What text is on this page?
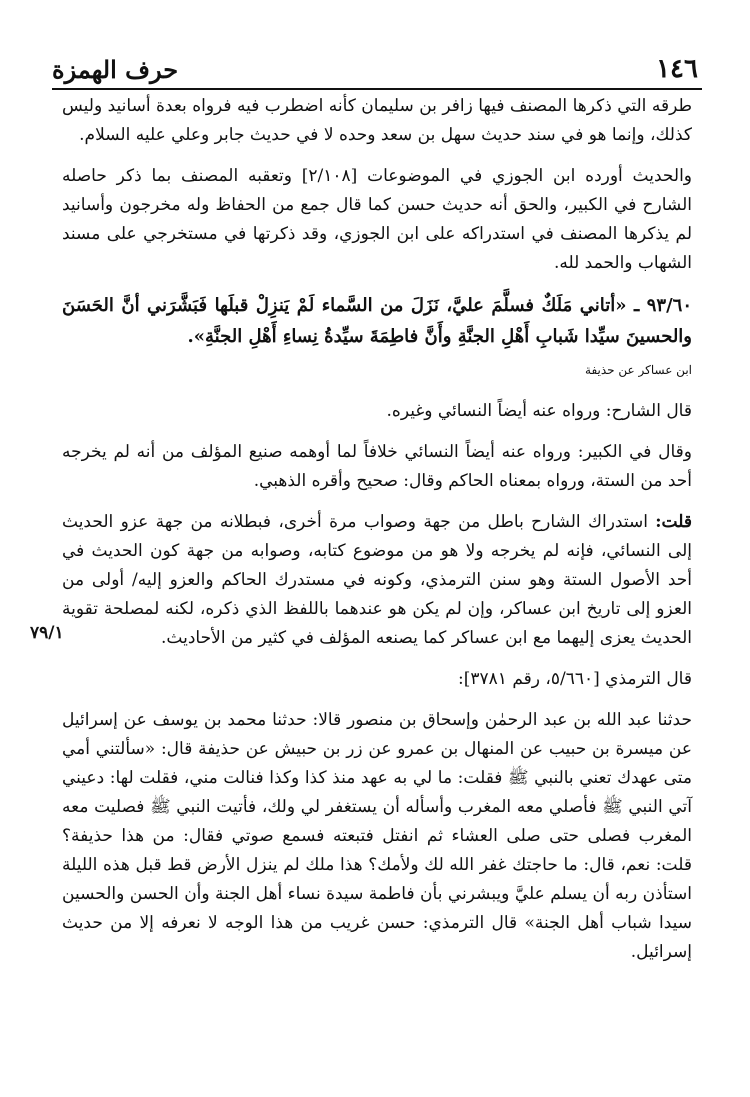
١٤٦
حرف الهمزة
٧٩/١

طرقه التي ذكرها المصنف فيها زافر بن سليمان كأنه اضطرب فيه فرواه بعدة أسانيد وليس كذلك، وإنما هو في سند حديث سهل بن سعد وحده لا في حديث جابر وعلي عليه السلام.

والحديث أورده ابن الجوزي في الموضوعات [٢/١٠٨] وتعقبه المصنف بما ذكر حاصله الشارح في الكبير، والحق أنه حديث حسن كما قال جمع من الحفاظ وله مخرجون وأسانيد لم يذكرها المصنف في استدراكه على ابن الجوزي، وقد ذكرتها في مستخرجي على مسند الشهاب والحمد لله.

٩٣/٦٠ ـ «أتاني مَلَكٌ فسلَّمَ عليَّ، نَزَلَ من السَّماء لَمْ يَنزِلْ قبلَها فَبَشَّرَني أنَّ الحَسَنَ والحسينَ سيِّدا شَبابِ أَهْلِ الجنَّةِ وأَنَّ فاطِمَةَ سيِّدةُ نِساءِ أَهْلِ الجنَّةِ».

ابن عساكر عن حذيفة

قال الشارح: ورواه عنه أيضاً النسائي وغيره.

وقال في الكبير: ورواه عنه أيضاً النسائي خلافاً لما أوهمه صنيع المؤلف من أنه لم يخرجه أحد من الستة، ورواه بمعناه الحاكم وقال: صحيح وأقره الذهبي.

قلت: استدراك الشارح باطل من جهة وصواب مرة أخرى، فبطلانه من جهة عزو الحديث إلى النسائي، فإنه لم يخرجه ولا هو من موضوع كتابه، وصوابه من جهة كون الحديث في أحد الأصول الستة وهو سنن الترمذي، وكونه في مستدرك الحاكم والعزو إليه/ أولى من العزو إلى تاريخ ابن عساكر، وإن لم يكن هو عندهما باللفظ الذي ذكره، لكنه لمصلحة تقوية الحديث يعزى إليهما مع ابن عساكر كما يصنعه المؤلف في كثير من الأحاديث.

قال الترمذي [٥/٦٦٠، رقم ٣٧٨١]:

حدثنا عبد الله بن عبد الرحمٰن وإسحاق بن منصور قالا: حدثنا محمد بن يوسف عن إسرائيل عن ميسرة بن حبيب عن المنهال بن عمرو عن زر بن حبيش عن حذيفة قال: «سألتني أمي متى عهدك تعني بالنبي ﷺ فقلت: ما لي به عهد منذ كذا وكذا فنالت مني، فقلت لها: دعيني آتي النبي ﷺ فأصلي معه المغرب وأسأله أن يستغفر لي ولك، فأتيت النبي ﷺ فصليت معه المغرب فصلى حتى صلى العشاء ثم انفتل فتبعته فسمع صوتي فقال: من هذا حذيفة؟ قلت: نعم، قال: ما حاجتك غفر الله لك ولأمك؟ هذا ملك لم ينزل الأرض قط قبل هذه الليلة استأذن ربه أن يسلم عليَّ ويبشرني بأن فاطمة سيدة نساء أهل الجنة وأن الحسن والحسين سيدا شباب أهل الجنة» قال الترمذي: حسن غريب من هذا الوجه لا نعرفه إلا من حديث إسرائيل.
